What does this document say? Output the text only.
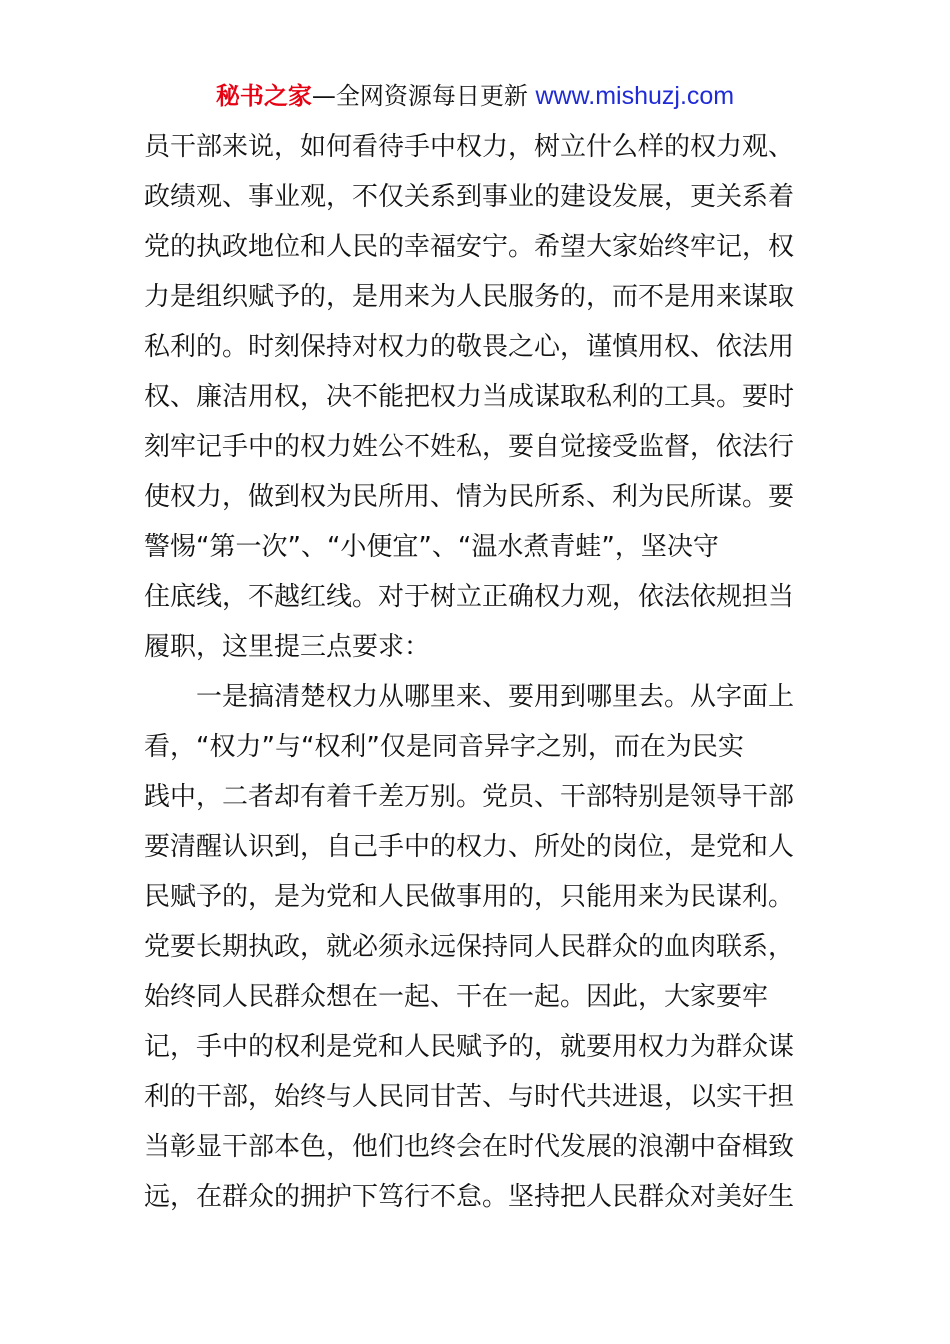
秘书之家—全网资源每日更新 www.mishuzj.com
员干部来说，如何看待手中权力，树立什么样的权力观、
政绩观、事业观，不仅关系到事业的建设发展，更关系着
党的执政地位和人民的幸福安宁。希望大家始终牢记，权
力是组织赋予的，是用来为人民服务的，而不是用来谋取
私利的。时刻保持对权力的敬畏之心，谨慎用权、依法用
权、廉洁用权，决不能把权力当成谋取私利的工具。要时
刻牢记手中的权力姓公不姓私，要自觉接受监督，依法行
使权力，做到权为民所用、情为民所系、利为民所谋。要
警惕“第一次”、“小便宜”、“温水煮青蛙”，坚决守
住底线，不越红线。对于树立正确权力观，依法依规担当
履职，这里提三点要求：
一是搞清楚权力从哪里来、要用到哪里去。从字面上
看，“权力”与“权利”仅是同音异字之别，而在为民实
践中，二者却有着千差万别。党员、干部特别是领导干部
要清醒认识到，自己手中的权力、所处的岗位，是党和人
民赋予的，是为党和人民做事用的，只能用来为民谋利。
党要长期执政，就必须永远保持同人民群众的血肉联系，
始终同人民群众想在一起、干在一起。因此，大家要牢
记，手中的权利是党和人民赋予的，就要用权力为群众谋
利的干部，始终与人民同甘苦、与时代共进退，以实干担
当彰显干部本色，他们也终会在时代发展的浪潮中奋楫致
远，在群众的拥护下笃行不怠。坚持把人民群众对美好生
